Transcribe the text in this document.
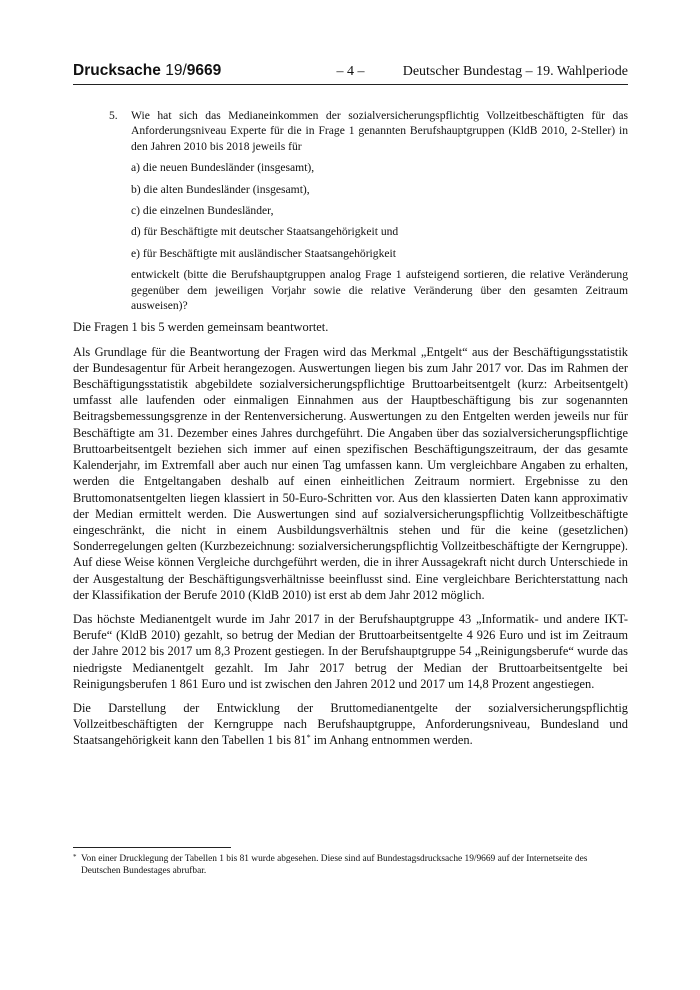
Drucksache 19/9669	– 4 –	Deutscher Bundestag – 19. Wahlperiode
5. Wie hat sich das Medianeinkommen der sozialversicherungspflichtig Vollzeitbeschäftigten für das Anforderungsniveau Experte für die in Frage 1 genannten Berufshauptgruppen (KldB 2010, 2-Steller) in den Jahren 2010 bis 2018 jeweils für

a) die neuen Bundesländer (insgesamt),

b) die alten Bundesländer (insgesamt),

c) die einzelnen Bundesländer,

d) für Beschäftigte mit deutscher Staatsangehörigkeit und

e) für Beschäftigte mit ausländischer Staatsangehörigkeit

entwickelt (bitte die Berufshauptgruppen analog Frage 1 aufsteigend sortieren, die relative Veränderung gegenüber dem jeweiligen Vorjahr sowie die relative Veränderung über den gesamten Zeitraum ausweisen)?

Die Fragen 1 bis 5 werden gemeinsam beantwortet.

Als Grundlage für die Beantwortung der Fragen wird das Merkmal „Entgelt“ aus der Beschäftigungsstatistik der Bundesagentur für Arbeit herangezogen. Auswertungen liegen bis zum Jahr 2017 vor. Das im Rahmen der Beschäftigungsstatistik abgebildete sozialversicherungspflichtige Bruttoarbeitsentgelt (kurz: Arbeitsentgelt) umfasst alle laufenden oder einmaligen Einnahmen aus der Hauptbeschäftigung bis zur sogenannten Beitragsbemessungsgrenze in der Rentenversicherung. Auswertungen zu den Entgelten werden jeweils nur für Beschäftigte am 31. Dezember eines Jahres durchgeführt. Die Angaben über das sozialversicherungspflichtige Bruttoarbeitsentgelt beziehen sich immer auf einen spezifischen Beschäftigungszeitraum, der das gesamte Kalenderjahr, im Extremfall aber auch nur einen Tag umfassen kann. Um vergleichbare Angaben zu erhalten, werden die Entgeltangaben deshalb auf einen einheitlichen Zeitraum normiert. Ergebnisse zu den Bruttomonatsentgelten liegen klassiert in 50-Euro-Schritten vor. Aus den klassierten Daten kann approximativ der Median ermittelt werden. Die Auswertungen sind auf sozialversicherungspflichtig Vollzeitbeschäftigte eingeschränkt, die nicht in einem Ausbildungsverhältnis stehen und für die keine (gesetzlichen) Sonderregelungen gelten (Kurzbezeichnung: sozialversicherungspflichtig Vollzeitbeschäftigte der Kerngruppe). Auf diese Weise können Vergleiche durchgeführt werden, die in ihrer Aussagekraft nicht durch Unterschiede in der Ausgestaltung der Beschäftigungsverhältnisse beeinflusst sind. Eine vergleichbare Berichterstattung nach der Klassifikation der Berufe 2010 (KldB 2010) ist erst ab dem Jahr 2012 möglich.

Das höchste Medianentgelt wurde im Jahr 2017 in der Berufshauptgruppe 43 „Informatik- und andere IKT-Berufe“ (KldB 2010) gezahlt, so betrug der Median der Bruttoarbeitsentgelte 4 926 Euro und ist im Zeitraum der Jahre 2012 bis 2017 um 8,3 Prozent gestiegen. In der Berufshauptgruppe 54 „Reinigungsberufe“ wurde das niedrigste Medianentgelt gezahlt. Im Jahr 2017 betrug der Median der Bruttoarbeitsentgelte bei Reinigungsberufen 1 861 Euro und ist zwischen den Jahren 2012 und 2017 um 14,8 Prozent angestiegen.

Die Darstellung der Entwicklung der Bruttomedianentgelte der sozialversicherungspflichtig Vollzeitbeschäftigten der Kerngruppe nach Berufshauptgruppe, Anforderungsniveau, Bundesland und Staatsangehörigkeit kann den Tabellen 1 bis 81* im Anhang entnommen werden.

* Von einer Drucklegung der Tabellen 1 bis 81 wurde abgesehen. Diese sind auf Bundestagsdrucksache 19/9669 auf der Internetseite des Deutschen Bundestages abrufbar.
